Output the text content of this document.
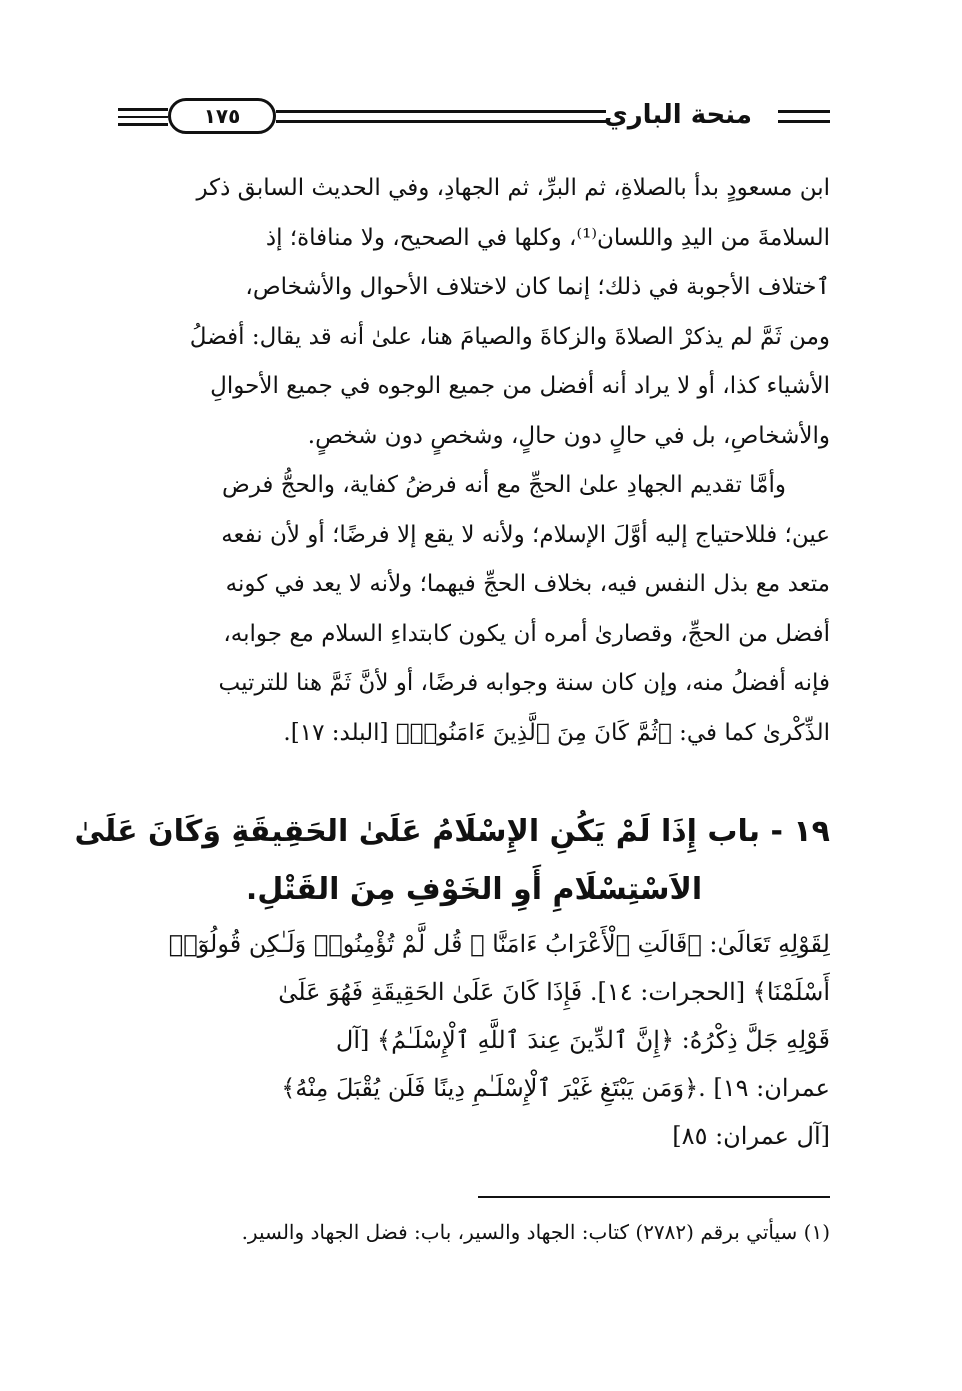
١٧٥	منحة الباري
ابن مسعودٍ بدأ بالصلاةِ، ثم البرِّ، ثم الجهادِ، وفي الحديث السابق ذكر
السلامةَ من اليدِ واللسان⁽¹⁾، وكلها في الصحيح، ولا منافاة؛ إذ
ٱختلاف الأجوبة في ذلك؛ إنما كان لاختلاف الأحوال والأشخاص،
ومن ثَمَّ لم يذكرْ الصلاةَ والزكاةَ والصيامَ هنا، علىٰ أنه قد يقال: أفضلُ
الأشياء كذا، أو لا يراد أنه أفضل من جميع الوجوه في جميع الأحوالِ
والأشخاصِ، بل في حالٍ دون حالٍ، وشخصٍ دون شخصٍ.
وأمَّا تقديم الجهادِ علىٰ الحجِّ مع أنه فرضُ كفاية، والحجُّ فرض
عين؛ فللاحتياج إليه أوَّلَ الإسلام؛ ولأنه لا يقع إلا فرضًا؛ أو لأن نفعه
متعد مع بذل النفس فيه، بخلاف الحجِّ فيهما؛ ولأنه لا يعد في كونه
أفضل من الحجِّ، وقصارىٰ أمره أن يكون كابتداءِ السلام مع جوابه،
فإنه أفضلُ منه، وإن كان سنة وجوابه فرضًا، أو لأنَّ ثَمَّ هنا للترتيب
الذِّكْرىٰ كما في: ﴿ثُمَّ كَانَ مِنَ ٱلَّذِينَ ءَامَنُوا۟﴾ [البلد: ١٧].
١٩ - باب إِذَا لَمْ يَكُنِ الإِسْلَامُ عَلَىٰ الحَقِيقَةِ وَكَانَ عَلَىٰ
الاَسْتِسْلَامِ أَوِ الخَوْفِ مِنَ القَتْلِ.
لِقَوْلِهِ تَعَالَىٰ: ﴿قَالَتِ ٱلْأَعْرَابُ ءَامَنَّا ۖ قُل لَّمْ تُؤْمِنُوا۟ وَلَـٰكِن قُولُوٓا۟
أَسْلَمْنَا﴾ [الحجرات: ١٤]. فَإِذَا كَانَ عَلَىٰ الحَقِيقَةِ فَهُوَ عَلَىٰ
قَوْلِهِ جَلَّ ذِكْرُهُ: ﴿إِنَّ ٱلدِّينَ عِندَ ٱللَّهِ ٱلْإِسْلَـٰمُ﴾ [آل
عمران: ١٩] .﴿وَمَن يَبْتَغِ غَيْرَ ٱلْإِسْلَـٰمِ دِينًا فَلَن يُقْبَلَ مِنْهُ﴾
[آل عمران: ٨٥]
(١) سيأتي برقم (٢٧٨٢) كتاب: الجهاد والسير، باب: فضل الجهاد والسير.
